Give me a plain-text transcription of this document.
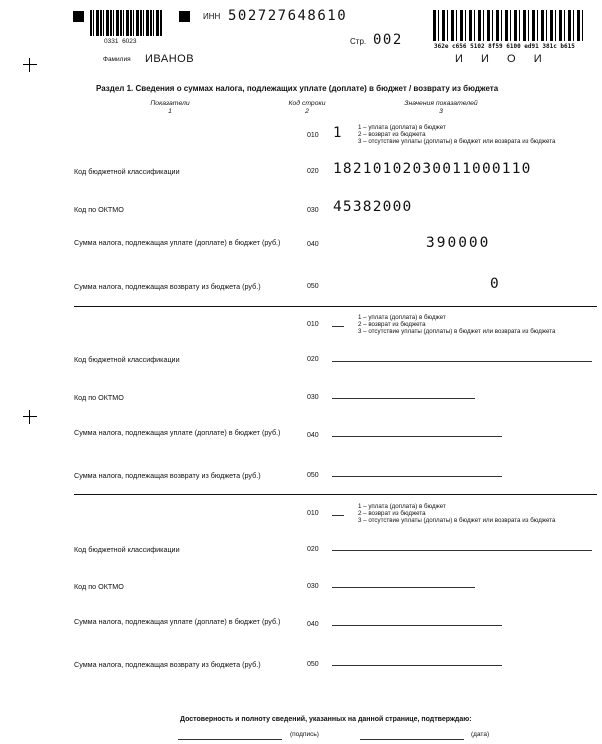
0331  6023
ИНН 502727648610
Стр. 002
Фамилия ИВАНОВ
362e c656 5102 8f59 6100 ed91 381c b615
И  И  О  И
Раздел 1. Сведения о суммах налога, подлежащих уплате (доплате) в бюджет / возврату из бюджета
Показатели
1
Код строки
2
Значения показателей
3
010 1 1 – уплата (доплата) в бюджет
2 – возврат из бюджета
3 – отсутствие уплаты (доплаты) в бюджет или возврата из бюджета
Код бюджетной классификации	020 18210102030011000110
Код по ОКТМО	030 45382000
Сумма налога, подлежащая уплате (доплате) в бюджет (руб.)	040	390000
Сумма налога, подлежащая возврату из бюджета (руб.)	050	0
010
1 – уплата (доплата) в бюджет
2 – возврат из бюджета
3 – отсутствие уплаты (доплаты) в бюджет или возврата из бюджета
Код бюджетной классификации	020
Код по ОКТМО	030
Сумма налога, подлежащая уплате (доплате) в бюджет (руб.)	040
Сумма налога, подлежащая возврату из бюджета (руб.)	050
010
1 – уплата (доплата) в бюджет
2 – возврат из бюджета
3 – отсутствие уплаты (доплаты) в бюджет или возврата из бюджета
Код бюджетной классификации	020
Код по ОКТМО	030
Сумма налога, подлежащая уплате (доплате) в бюджет (руб.)	040
Сумма налога, подлежащая возврату из бюджета (руб.)	050
Достоверность и полноту сведений, указанных на данной странице, подтверждаю:
(подпись)	(дата)
